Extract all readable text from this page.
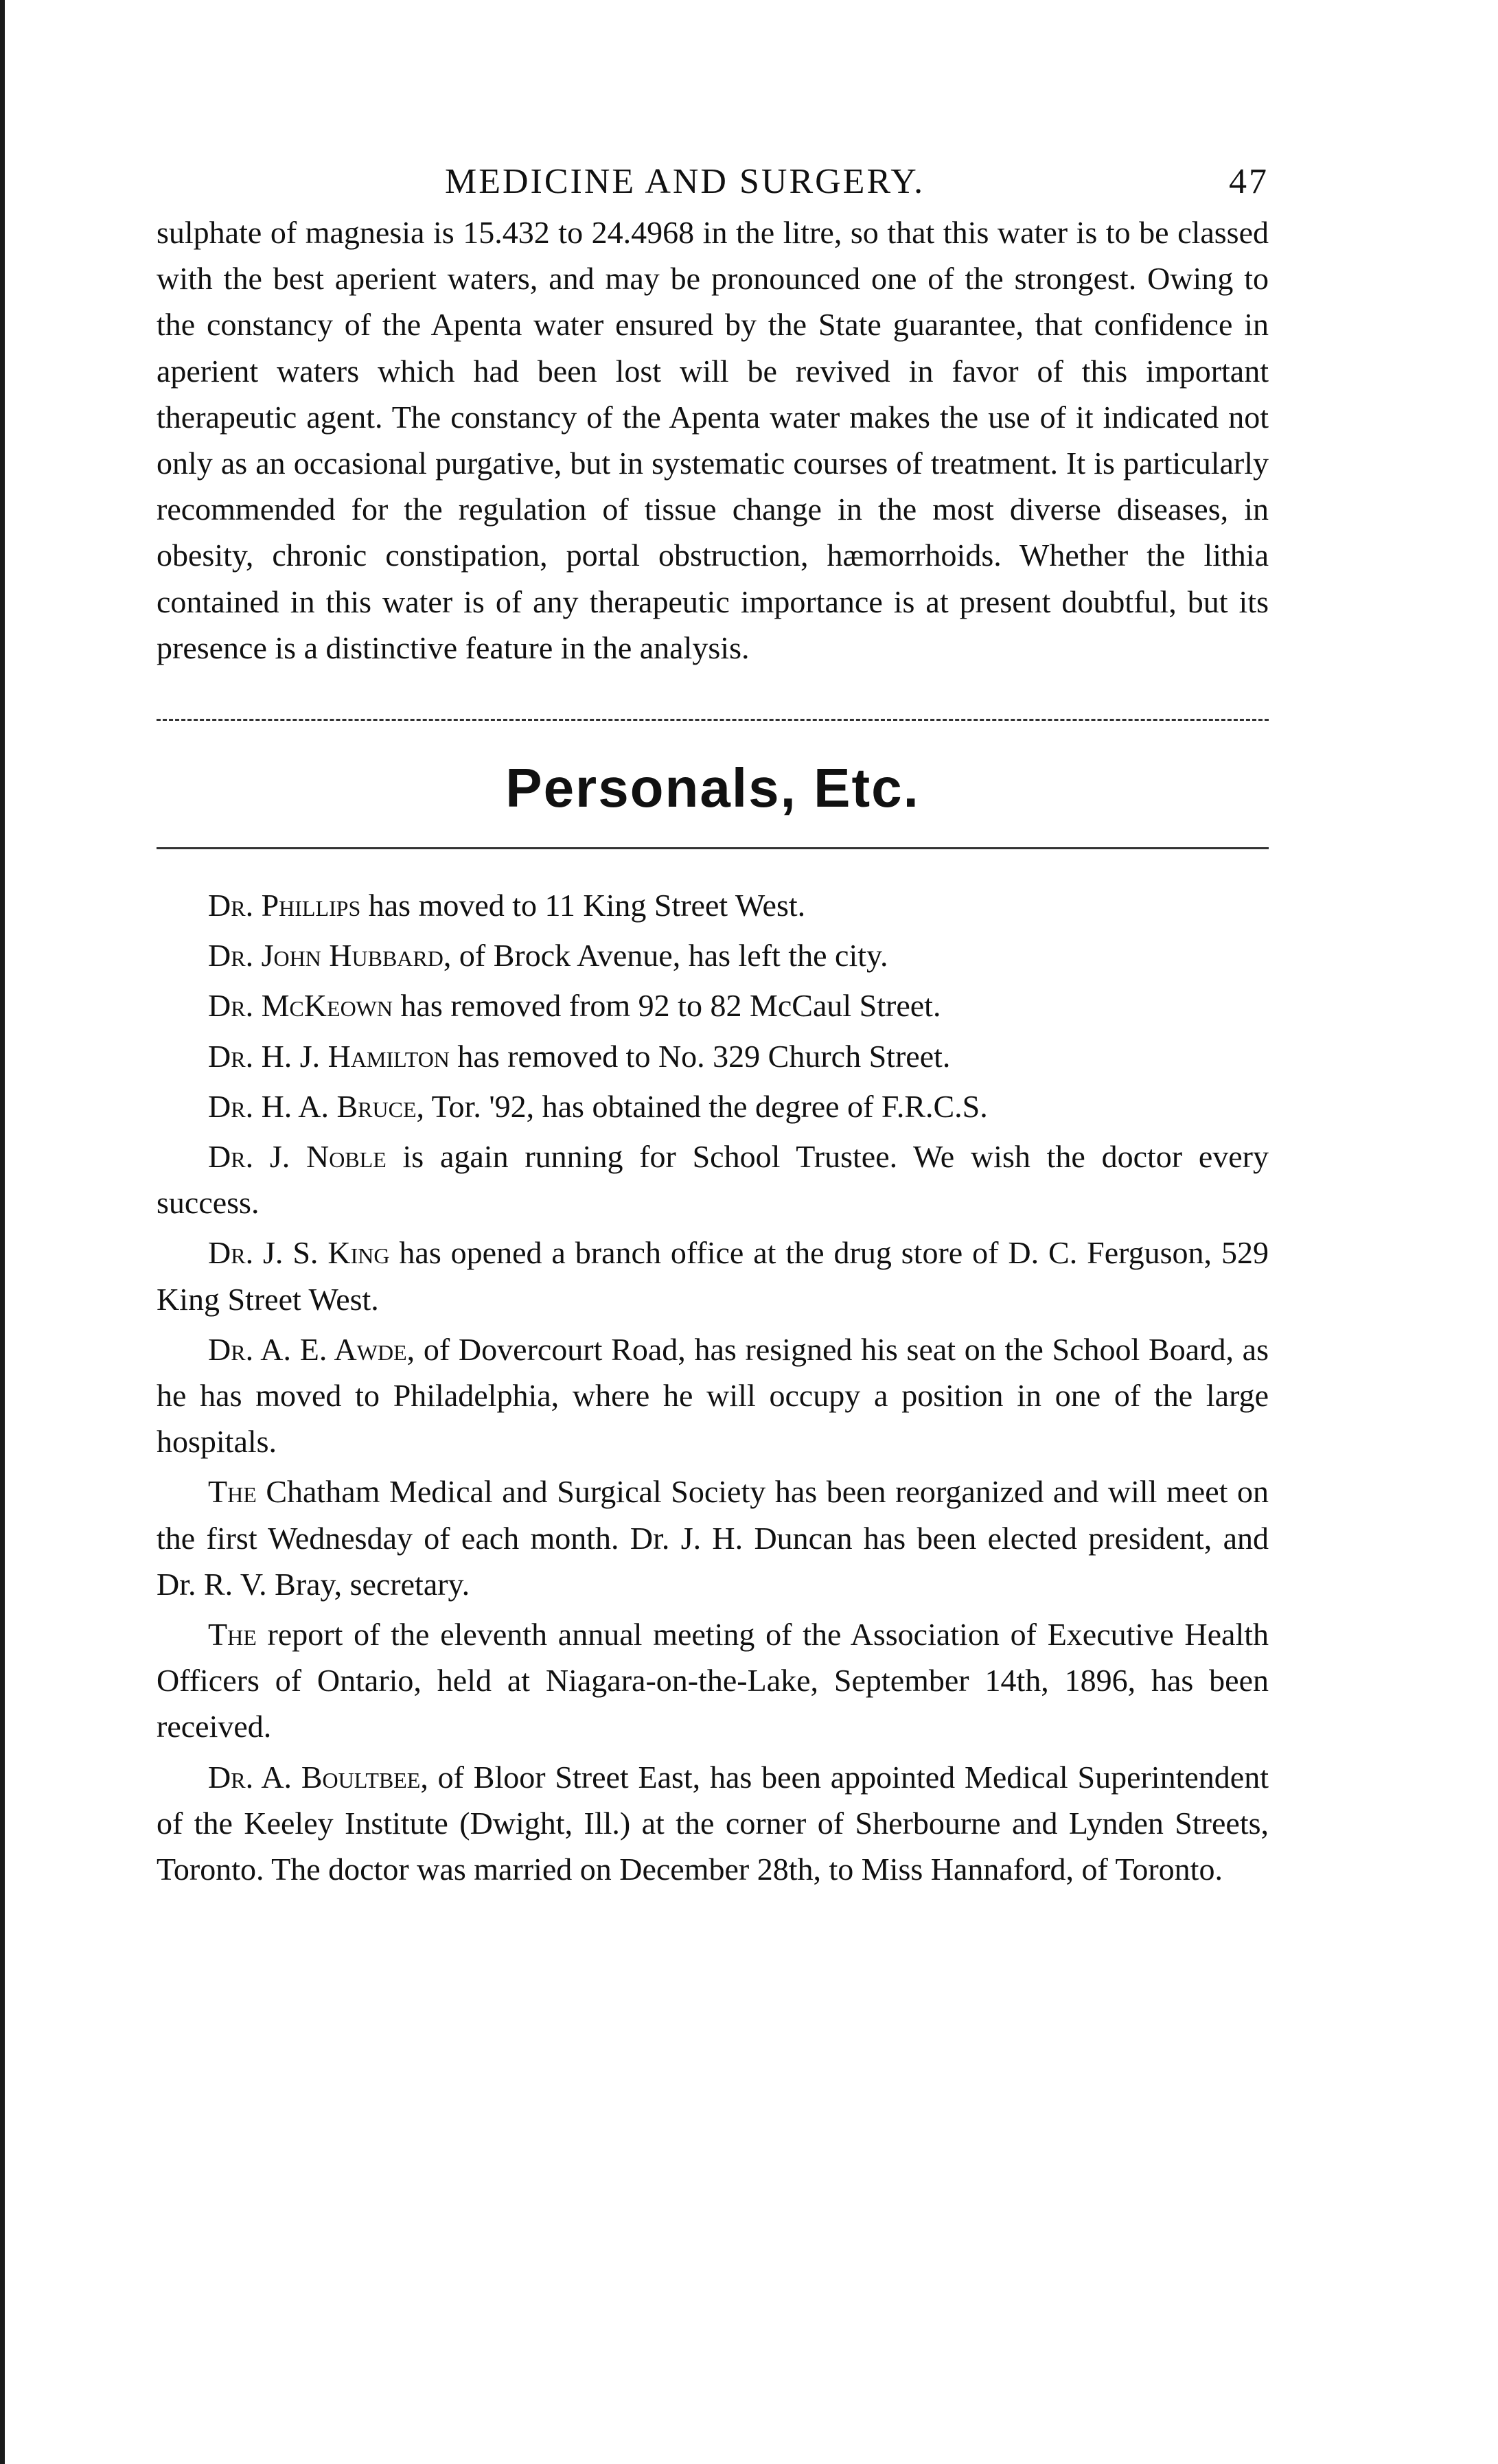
MEDICINE AND SURGERY.	47

sulphate of magnesia is 15.432 to 24.4968 in the litre, so that this water is to be classed with the best aperient waters, and may be pronounced one of the strongest. Owing to the constancy of the Apenta water ensured by the State guarantee, that confidence in aperient waters which had been lost will be revived in favor of this important therapeutic agent. The constancy of the Apenta water makes the use of it indicated not only as an occasional purgative, but in systematic courses of treatment. It is particularly recommended for the regulation of tissue change in the most diverse diseases, in obesity, chronic constipation, portal obstruction, hæmorrhoids. Whether the lithia contained in this water is of any therapeutic importance is at present doubtful, but its presence is a distinctive feature in the analysis.

Personals, Etc.
Dr. Phillips has moved to 11 King Street West.
Dr. John Hubbard, of Brock Avenue, has left the city.
Dr. McKeown has removed from 92 to 82 McCaul Street.
Dr. H. J. Hamilton has removed to No. 329 Church Street.
Dr. H. A. Bruce, Tor. '92, has obtained the degree of F.R.C.S.
Dr. J. Noble is again running for School Trustee. We wish the doctor every success.
Dr. J. S. King has opened a branch office at the drug store of D. C. Ferguson, 529 King Street West.
Dr. A. E. Awde, of Dovercourt Road, has resigned his seat on the School Board, as he has moved to Philadelphia, where he will occupy a position in one of the large hospitals.
The Chatham Medical and Surgical Society has been reorganized and will meet on the first Wednesday of each month. Dr. J. H. Duncan has been elected president, and Dr. R. V. Bray, secretary.
The report of the eleventh annual meeting of the Association of Executive Health Officers of Ontario, held at Niagara-on-the-Lake, September 14th, 1896, has been received.
Dr. A. Boultbee, of Bloor Street East, has been appointed Medical Superintendent of the Keeley Institute (Dwight, Ill.) at the corner of Sherbourne and Lynden Streets, Toronto. The doctor was married on December 28th, to Miss Hannaford, of Toronto.
